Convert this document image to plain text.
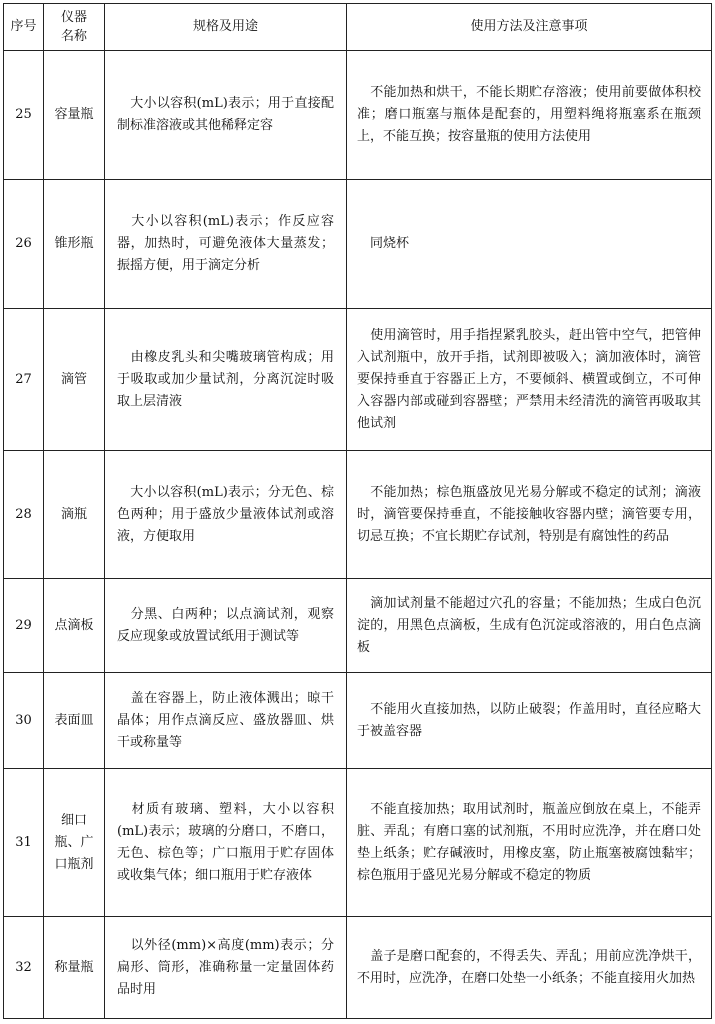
序号	仪器名称	规格及用途	使用方法及注意事项
25	容量瓶	　大小以容积(mL)表示；用于直接配制标准溶液或其他稀释定容	　不能加热和烘干，不能长期贮存溶液；使用前要做体积校准；磨口瓶塞与瓶体是配套的，用塑料绳将瓶塞系在瓶颈上，不能互换；按容量瓶的使用方法使用
26	锥形瓶	　大小以容积(mL)表示；作反应容器，加热时，可避免液体大量蒸发；振摇方便，用于滴定分析	　同烧杯
27	滴管	　由橡皮乳头和尖嘴玻璃管构成；用于吸取或加少量试剂，分离沉淀时吸取上层清液	　使用滴管时，用手指捏紧乳胶头，赶出管中空气，把管伸入试剂瓶中，放开手指，试剂即被吸入；滴加液体时，滴管要保持垂直于容器正上方，不要倾斜、横置或倒立，不可伸入容器内部或碰到容器壁；严禁用未经清洗的滴管再吸取其他试剂
28	滴瓶	　大小以容积(mL)表示；分无色、棕色两种；用于盛放少量液体试剂或溶液，方便取用	　不能加热；棕色瓶盛放见光易分解或不稳定的试剂；滴液时，滴管要保持垂直，不能接触收容器内壁；滴管要专用，切忌互换；不宜长期贮存试剂，特别是有腐蚀性的药品
29	点滴板	　分黑、白两种；以点滴试剂，观察反应现象或放置试纸用于测试等	　滴加试剂量不能超过穴孔的容量；不能加热；生成白色沉淀的，用黑色点滴板，生成有色沉淀或溶液的，用白色点滴板
30	表面皿	　盖在容器上，防止液体溅出；晾干晶体；用作点滴反应、盛放器皿、烘干或称量等	　不能用火直接加热，以防止破裂；作盖用时，直径应略大于被盖容器
31	细口瓶、广口瓶剂	　材质有玻璃、塑料，大小以容积(mL)表示；玻璃的分磨口，不磨口，无色、棕色等；广口瓶用于贮存固体或收集气体；细口瓶用于贮存液体	　不能直接加热；取用试剂时，瓶盖应倒放在桌上，不能弄脏、弄乱；有磨口塞的试剂瓶，不用时应洗净，并在磨口处垫上纸条；贮存碱液时，用橡皮塞，防止瓶塞被腐蚀黏牢；棕色瓶用于盛见光易分解或不稳定的物质
32	称量瓶	　以外径(mm)×高度(mm)表示；分扁形、筒形，准确称量一定量固体药品时用	　盖子是磨口配套的，不得丢失、弄乱；用前应洗净烘干，不用时，应洗净，在磨口处垫一小纸条；不能直接用火加热
